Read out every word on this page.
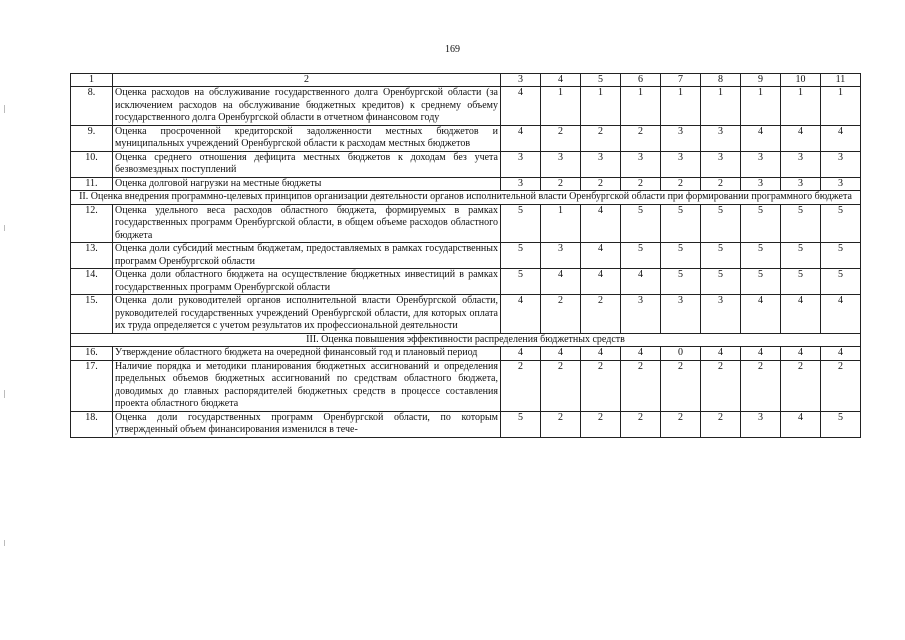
169
1	2	3	4	5	6	7	8	9	10	11
8.	Оценка расходов на обслуживание государственного долга Оренбургской области (за исключением расходов на обслуживание бюджетных кредитов) к среднему объему государственного долга Оренбургской области в отчетном финансовом году	4	1	1	1	1	1	1	1	1
9.	Оценка просроченной кредиторской задолженности местных бюджетов и муниципальных учреждений Оренбургской области к расходам местных бюджетов	4	2	2	2	3	3	4	4	4
10.	Оценка среднего отношения дефицита местных бюджетов к доходам без учета безвозмездных поступлений	3	3	3	3	3	3	3	3	3
11.	Оценка долговой нагрузки на местные бюджеты	3	2	2	2	2	2	3	3	3
II. Оценка внедрения программно-целевых принципов организации деятельности органов исполнительной власти Оренбургской области при формировании программного бюджета										
12.	Оценка удельного веса расходов областного бюджета, формируемых в рамках государственных программ Оренбургской области, в общем объеме расходов областного бюджета	5	1	4	5	5	5	5	5	5
13.	Оценка доли субсидий местным бюджетам, предоставляемых в рамках государственных программ Оренбургской области	5	3	4	5	5	5	5	5	5
14.	Оценка доли областного бюджета на осуществление бюджетных инвестиций в рамках государственных программ Оренбургской области	5	4	4	4	5	5	5	5	5
15.	Оценка доли руководителей органов исполнительной власти Оренбургской области, руководителей государственных учреждений Оренбургской области, для которых оплата их труда определяется с учетом результатов их профессиональной деятельности	4	2	2	3	3	3	4	4	4
III. Оценка повышения эффективности распределения бюджетных средств										
16.	Утверждение областного бюджета на очередной финансовый год и плановый период	4	4	4	4	0	4	4	4	4
17.	Наличие порядка и методики планирования бюджетных ассигнований и определения предельных объемов бюджетных ассигнований по средствам областного бюджета, доводимых до главных распорядителей бюджетных средств в процессе составления проекта областного бюджета	2	2	2	2	2	2	2	2	2
18.	Оценка доли государственных программ Оренбургской области, по которым утвержденный объем финансирования изменился в тече-	5	2	2	2	2	2	3	4	5
